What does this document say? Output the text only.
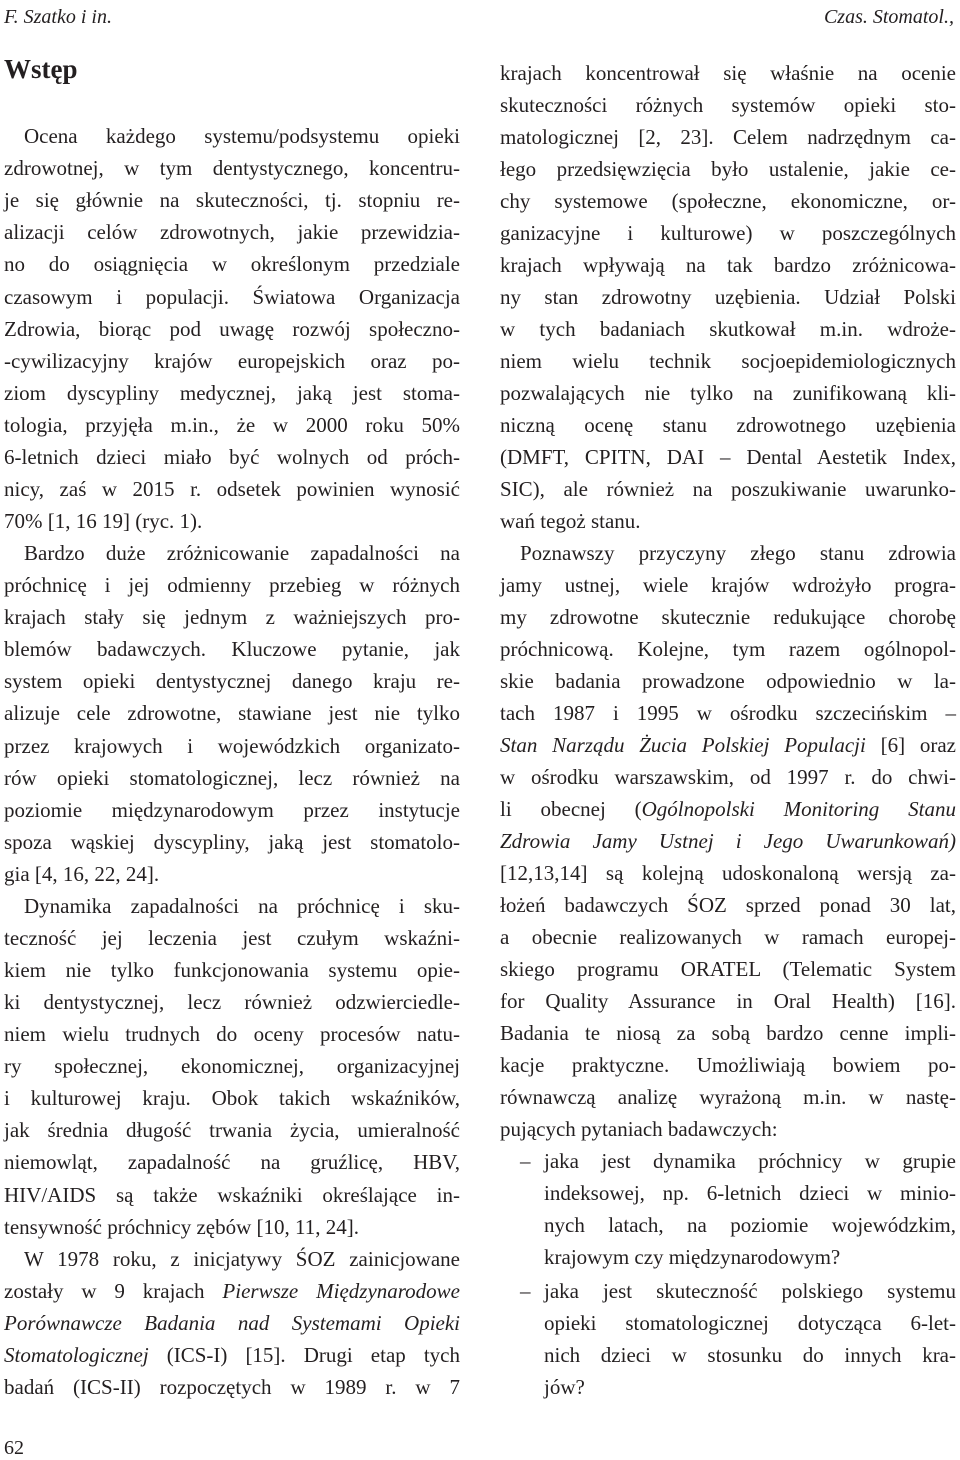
F. Szatko i in.	Czas. Stomatol.,
Wstęp
Ocena każdego systemu/podsystemu opieki
zdrowotnej, w tym dentystycznego, koncentru-
je się głównie na skuteczności, tj. stopniu re-
alizacji celów zdrowotnych, jakie przewidzia-
no do osiągnięcia w określonym przedziale
czasowym i populacji. Światowa Organizacja
Zdrowia, biorąc pod uwagę rozwój społeczno-
-cywilizacyjny krajów europejskich oraz po-
ziom dyscypliny medycznej, jaką jest stoma-
tologia, przyjęła m.in., że w 2000 roku 50%
6-letnich dzieci miało być wolnych od próch-
nicy, zaś w 2015 r. odsetek powinien wynosić
70% [1, 16 19] (ryc. 1).
Bardzo duże zróżnicowanie zapadalności na
próchnicę i jej odmienny przebieg w różnych
krajach stały się jednym z ważniejszych pro-
blemów badawczych. Kluczowe pytanie, jak
system opieki dentystycznej danego kraju re-
alizuje cele zdrowotne, stawiane jest nie tylko
przez krajowych i wojewódzkich organizato-
rów opieki stomatologicznej, lecz również na
poziomie międzynarodowym przez instytucje
spoza wąskiej dyscypliny, jaką jest stomatolo-
gia [4, 16, 22, 24].
Dynamika zapadalności na próchnicę i sku-
teczność jej leczenia jest czułym wskaźni-
kiem nie tylko funkcjonowania systemu opie-
ki dentystycznej, lecz również odzwierciedle-
niem wielu trudnych do oceny procesów natu-
ry społecznej, ekonomicznej, organizacyjnej
i kulturowej kraju. Obok takich wskaźników,
jak średnia długość trwania życia, umieralność
niemowląt, zapadalność na gruźlicę, HBV,
HIV/AIDS są także wskaźniki określające in-
tensywność próchnicy zębów [10, 11, 24].
W 1978 roku, z inicjatywy ŚOZ zainicjowane
zostały w 9 krajach Pierwsze Międzynarodowe
Porównawcze Badania nad Systemami Opieki
Stomatologicznej (ICS-I) [15]. Drugi etap tych
badań (ICS-II) rozpoczętych w 1989 r. w 7
krajach koncentrował się właśnie na ocenie
skuteczności różnych systemów opieki sto-
matologicznej [2, 23]. Celem nadrzędnym ca-
łego przedsięwzięcia było ustalenie, jakie ce-
chy systemowe (społeczne, ekonomiczne, or-
ganizacyjne i kulturowe) w poszczególnych
krajach wpływają na tak bardzo zróżnicowa-
ny stan zdrowotny uzębienia. Udział Polski
w tych badaniach skutkował m.in. wdroże-
niem wielu technik socjoepidemiologicznych
pozwalających nie tylko na zunifikowaną kli-
niczną ocenę stanu zdrowotnego uzębienia
(DMFT, CPITN, DAI – Dental Aestetik Index,
SIC), ale również na poszukiwanie uwarunko-
wań tegoż stanu.
Poznawszy przyczyny złego stanu zdrowia
jamy ustnej, wiele krajów wdrożyło progra-
my zdrowotne skutecznie redukujące chorobę
próchnicową. Kolejne, tym razem ogólnopol-
skie badania prowadzone odpowiednio w la-
tach 1987 i 1995 w ośrodku szczecińskim –
Stan Narządu Żucia Polskiej Populacji [6] oraz
w ośrodku warszawskim, od 1997 r. do chwi-
li obecnej (Ogólnopolski Monitoring Stanu
Zdrowia Jamy Ustnej i Jego Uwarunkowań)
[12,13,14] są kolejną udoskonaloną wersją za-
łożeń badawczych ŚOZ sprzed ponad 30 lat,
a obecnie realizowanych w ramach europej-
skiego programu ORATEL (Telematic System
for Quality Assurance in Oral Health) [16].
Badania te niosą za sobą bardzo cenne impli-
kacje praktyczne. Umożliwiają bowiem po-
równawczą analizę wyrażoną m.in. w nastę-
pujących pytaniach badawczych:
– jaka jest dynamika próchnicy w grupie
indeksowej, np. 6-letnich dzieci w minio-
nych latach, na poziomie wojewódzkim,
krajowym czy międzynarodowym?
– jaka jest skuteczność polskiego systemu
opieki stomatologicznej dotycząca 6-let-
nich dzieci w stosunku do innych kra-
jów?
62
